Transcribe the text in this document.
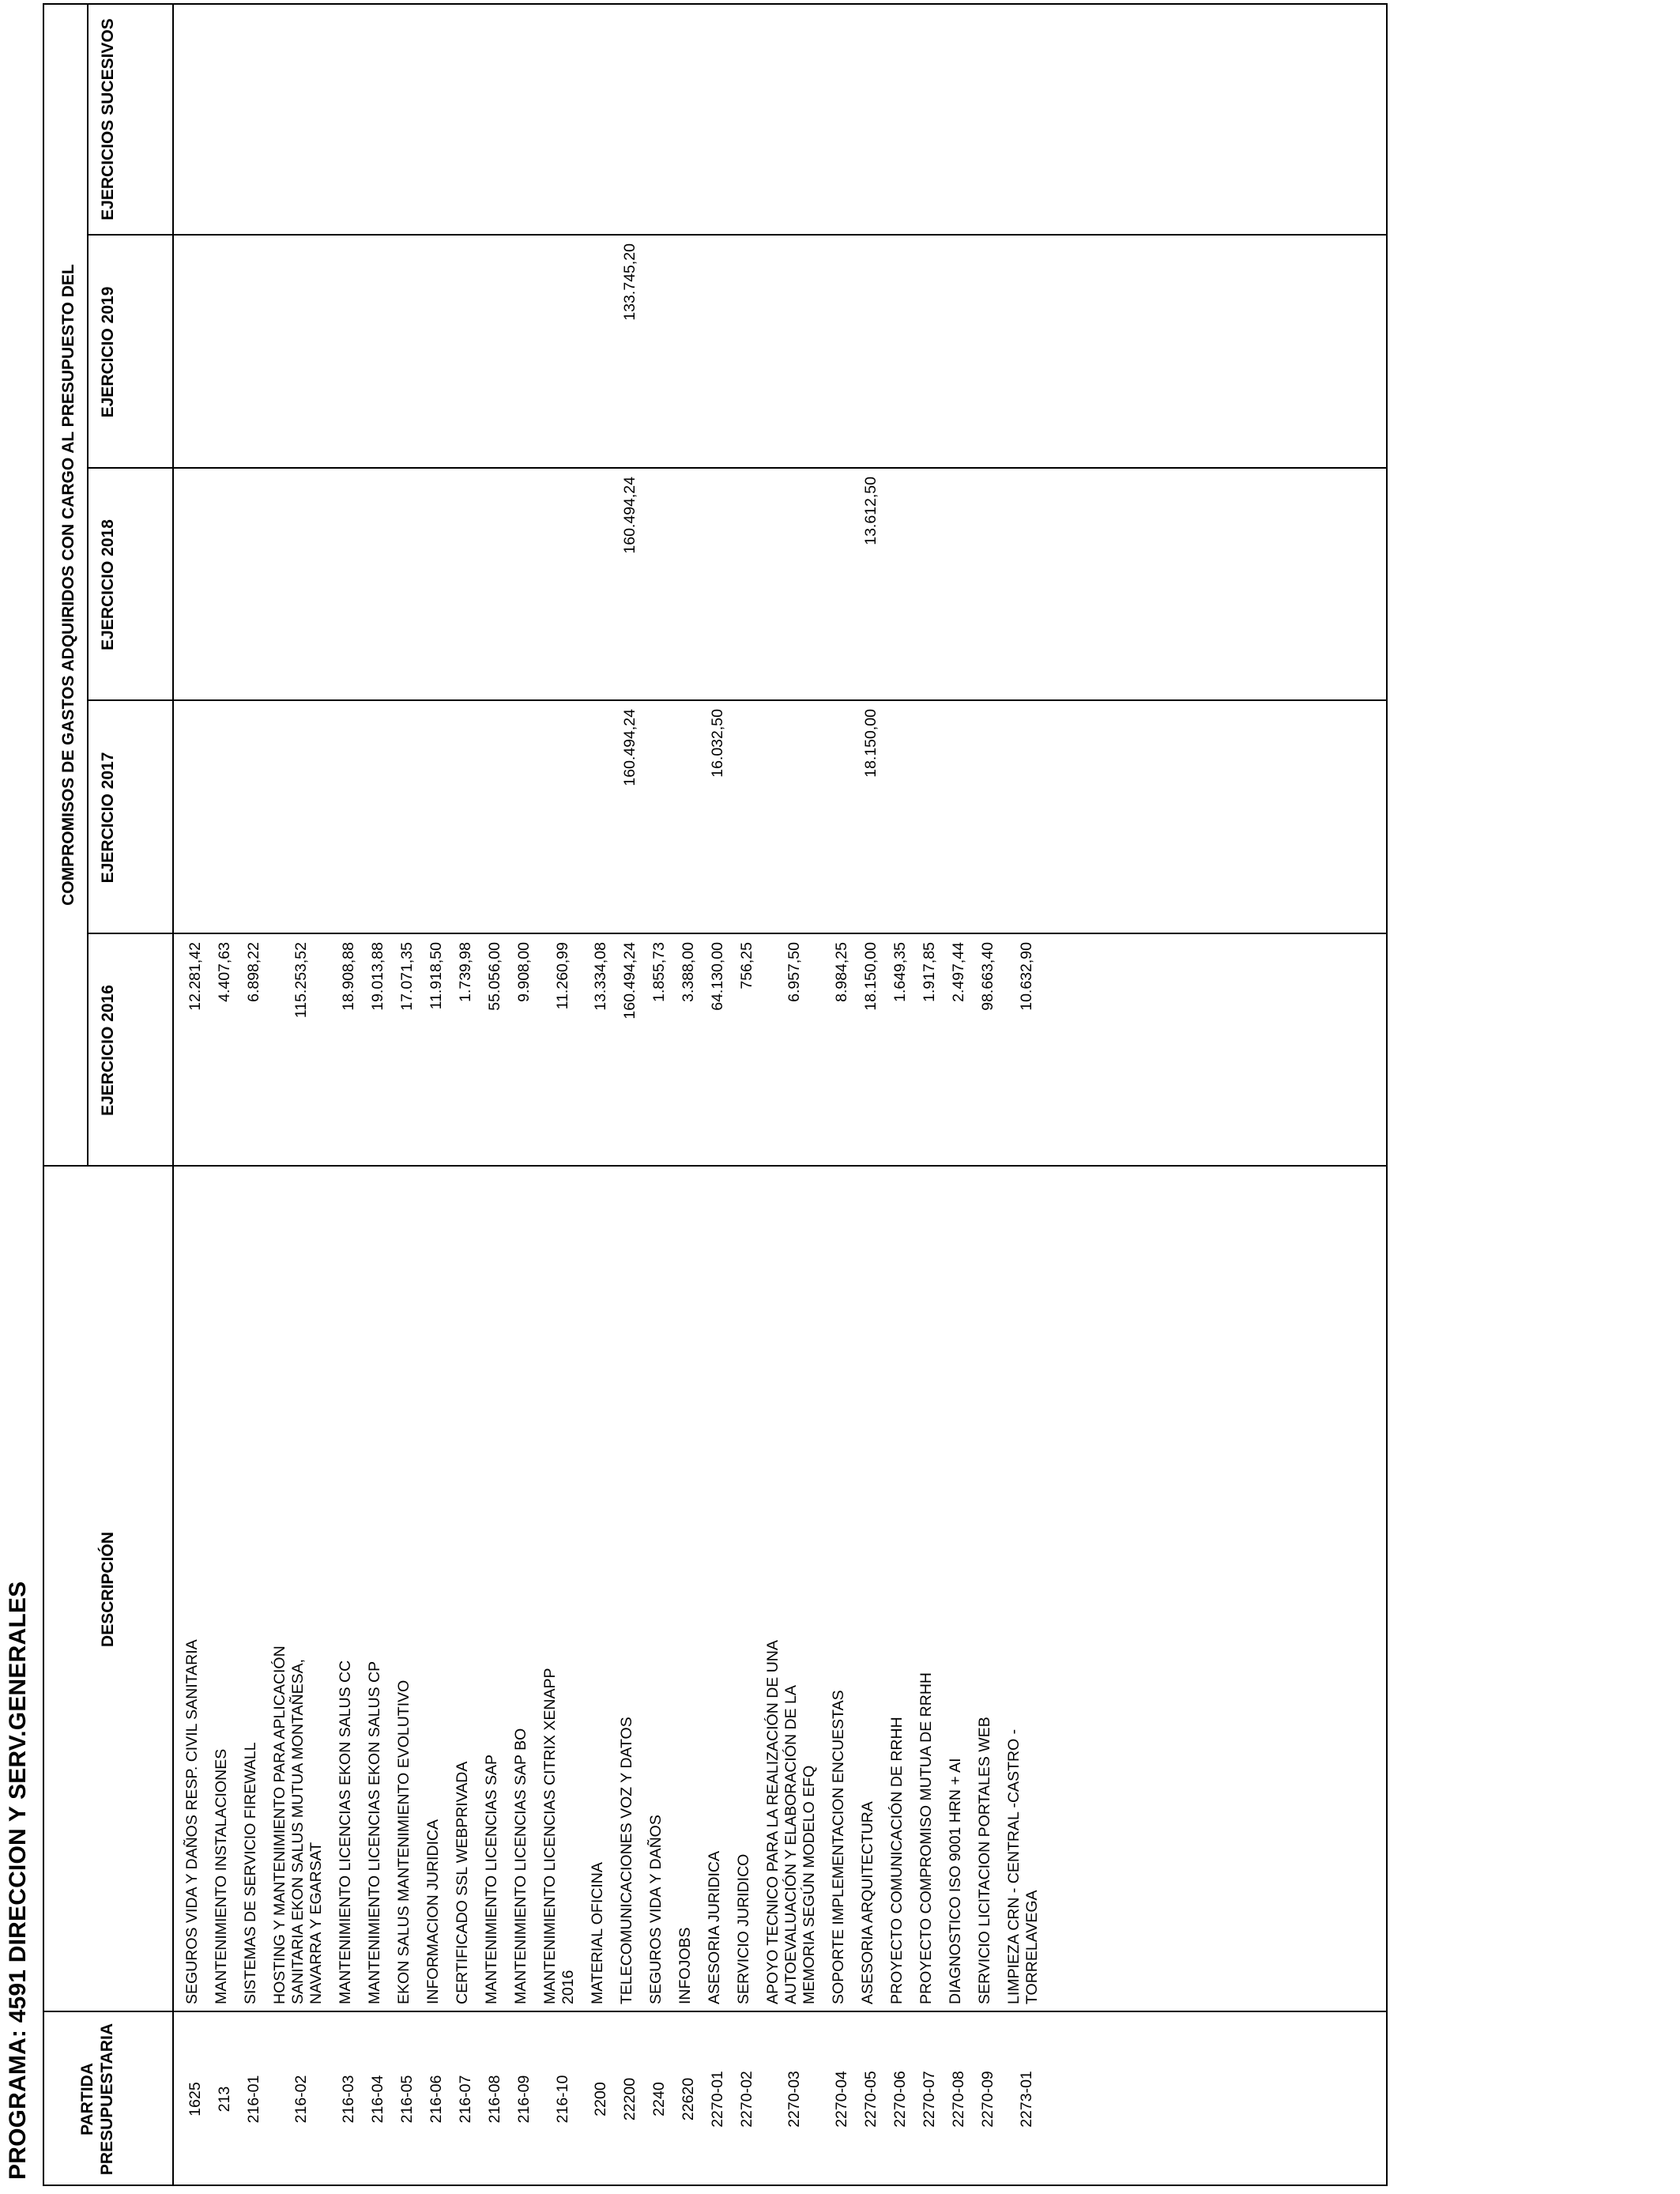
PROGRAMA: 4591 DIRECCION Y SERV.GENERALES	PARTIDA
PRESUPUESTARIA
DESCRIPCIÓN
COMPROMISOS DE GASTOS ADQUIRIDOS CON CARGO AL PRESUPUESTO DEL
EJERCICIO 2016
EJERCICIO 2017
EJERCICIO 2018
EJERCICIO 2019
EJERCICIOS SUCESIVOS
1625
SEGUROS VIDA Y DAÑOS RESP. CIVIL SANITARIA
12.281,42
213
MANTENIMIENTO INSTALACIONES
4.407,63
216-01
SISTEMAS DE SERVICIO FIREWALL
6.898,22
216-02
HOSTING Y MANTENIMIENTO PARA APLICACIÓN
SANITARIA EKON SALUS MUTUA MONTAÑESA,
NAVARRA Y EGARSAT
115.253,52
216-03
MANTENIMIENTO LICENCIAS EKON SALUS CC
18.908,88
216-04
MANTENIMIENTO LICENCIAS EKON SALUS CP
19.013,88
216-05
EKON SALUS MANTENIMIENTO EVOLUTIVO
17.071,35
216-06
INFORMACION JURIDICA
11.918,50
216-07
CERTIFICADO SSL WEBPRIVADA
1.739,98
216-08
MANTENIMIENTO LICENCIAS SAP
55.056,00
216-09
MANTENIMIENTO LICENCIAS SAP BO
9.908,00
216-10
MANTENIMIENTO LICENCIAS CITRIX XENAPP
2016
11.260,99
2200
MATERIAL OFICINA
13.334,08
22200
TELECOMUNICACIONES VOZ Y DATOS
160.494,24
160.494,24
160.494,24
133.745,20
2240
SEGUROS VIDA Y DAÑOS
1.855,73
22620
INFOJOBS
3.388,00
2270-01
ASESORIA JURIDICA
64.130,00
16.032,50
2270-02
SERVICIO JURIDICO
756,25
2270-03
APOYO TECNICO PARA LA REALIZACIÓN DE UNA
AUTOEVALUACIÓN Y ELABORACIÓN DE LA
MEMORIA SEGÚN MODELO EFQ
6.957,50
2270-04
SOPORTE IMPLEMENTACION ENCUESTAS
8.984,25
2270-05
ASESORIA ARQUITECTURA
18.150,00
18.150,00
13.612,50
2270-06
PROYECTO COMUNICACIÓN DE RRHH
1.649,35
2270-07
PROYECTO COMPROMISO MUTUA DE RRHH
1.917,85
2270-08
DIAGNOSTICO ISO 9001 HRN + AI
2.497,44
2270-09
SERVICIO LICITACION PORTALES WEB
98.663,40
2273-01
LIMPIEZA CRN - CENTRAL -CASTRO -
TORRELAVEGA
10.632,90
